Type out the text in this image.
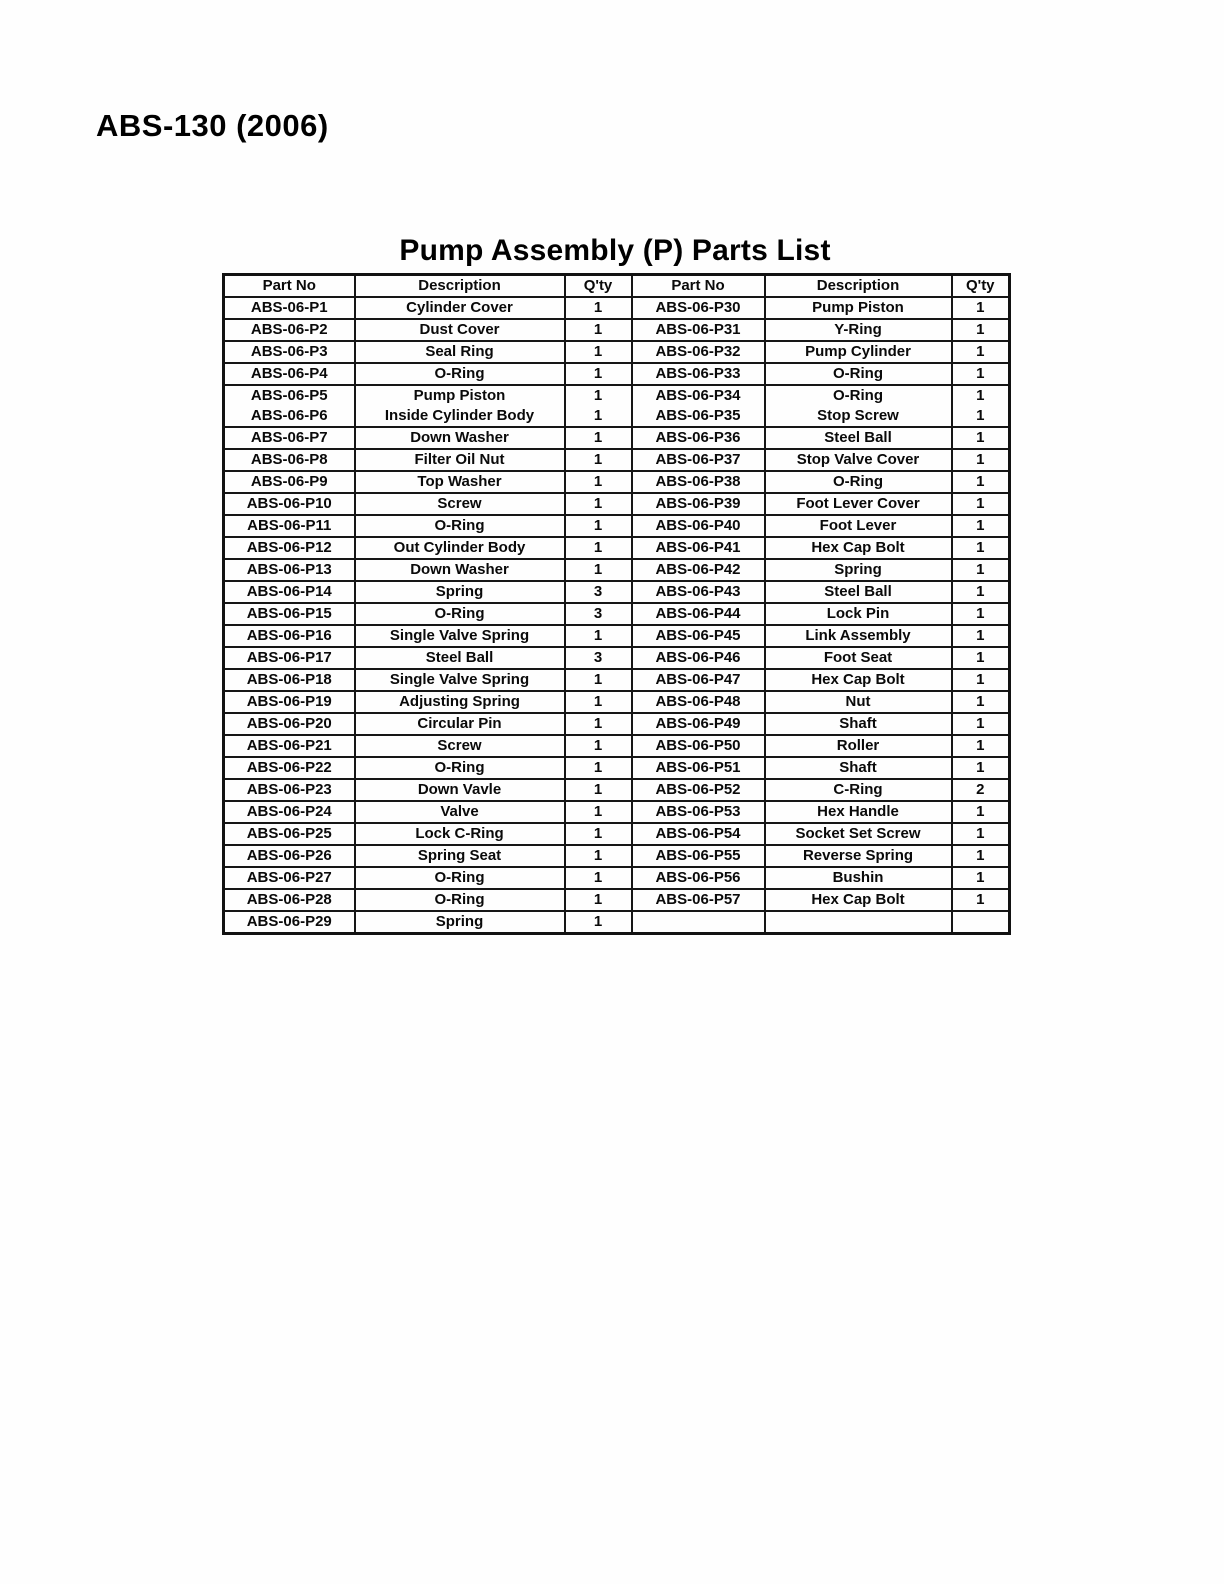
ABS-130 (2006)
Pump Assembly (P) Parts List
Part No	Description	Q'ty	Part No	Description	Q'ty
ABS-06-P1	Cylinder Cover	1	ABS-06-P30	Pump Piston	1
ABS-06-P2	Dust Cover	1	ABS-06-P31	Y-Ring	1
ABS-06-P3	Seal Ring	1	ABS-06-P32	Pump Cylinder	1
ABS-06-P4	O-Ring	1	ABS-06-P33	O-Ring	1
ABS-06-P5	Pump Piston	1	ABS-06-P34	O-Ring	1
ABS-06-P6	Inside Cylinder Body	1	ABS-06-P35	Stop Screw	1
ABS-06-P7	Down Washer	1	ABS-06-P36	Steel Ball	1
ABS-06-P8	Filter Oil Nut	1	ABS-06-P37	Stop Valve Cover	1
ABS-06-P9	Top Washer	1	ABS-06-P38	O-Ring	1
ABS-06-P10	Screw	1	ABS-06-P39	Foot Lever Cover	1
ABS-06-P11	O-Ring	1	ABS-06-P40	Foot Lever	1
ABS-06-P12	Out Cylinder Body	1	ABS-06-P41	Hex Cap Bolt	1
ABS-06-P13	Down Washer	1	ABS-06-P42	Spring	1
ABS-06-P14	Spring	3	ABS-06-P43	Steel Ball	1
ABS-06-P15	O-Ring	3	ABS-06-P44	Lock Pin	1
ABS-06-P16	Single Valve Spring	1	ABS-06-P45	Link Assembly	1
ABS-06-P17	Steel Ball	3	ABS-06-P46	Foot Seat	1
ABS-06-P18	Single Valve Spring	1	ABS-06-P47	Hex Cap Bolt	1
ABS-06-P19	Adjusting Spring	1	ABS-06-P48	Nut	1
ABS-06-P20	Circular Pin	1	ABS-06-P49	Shaft	1
ABS-06-P21	Screw	1	ABS-06-P50	Roller	1
ABS-06-P22	O-Ring	1	ABS-06-P51	Shaft	1
ABS-06-P23	Down Vavle	1	ABS-06-P52	C-Ring	2
ABS-06-P24	Valve	1	ABS-06-P53	Hex Handle	1
ABS-06-P25	Lock C-Ring	1	ABS-06-P54	Socket Set Screw	1
ABS-06-P26	Spring Seat	1	ABS-06-P55	Reverse Spring	1
ABS-06-P27	O-Ring	1	ABS-06-P56	Bushin	1
ABS-06-P28	O-Ring	1	ABS-06-P57	Hex Cap Bolt	1
ABS-06-P29	Spring	1			
